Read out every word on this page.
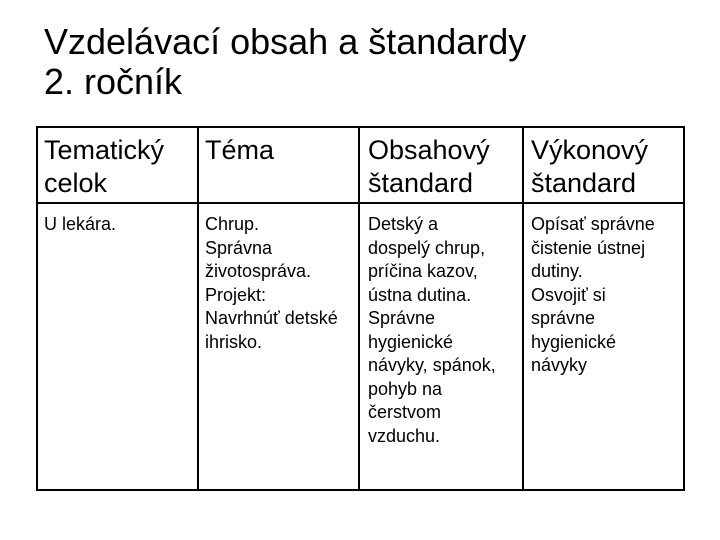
Vzdelávací obsah a štandardy
2. ročník
Tematický
celok
Téma	Obsahový
štandard
Výkonový
štandard
U lekára.	Chrup.
Správna
životospráva.
Projekt:
Navrhnúť detské
ihrisko.
Detský a
dospelý chrup,
príčina kazov,
ústna dutina.
Správne
hygienické
návyky, spánok,
pohyb na
čerstvom
vzduchu.
Opísať správne
čistenie ústnej
dutiny.
Osvojiť si
správne
hygienické
návyky
